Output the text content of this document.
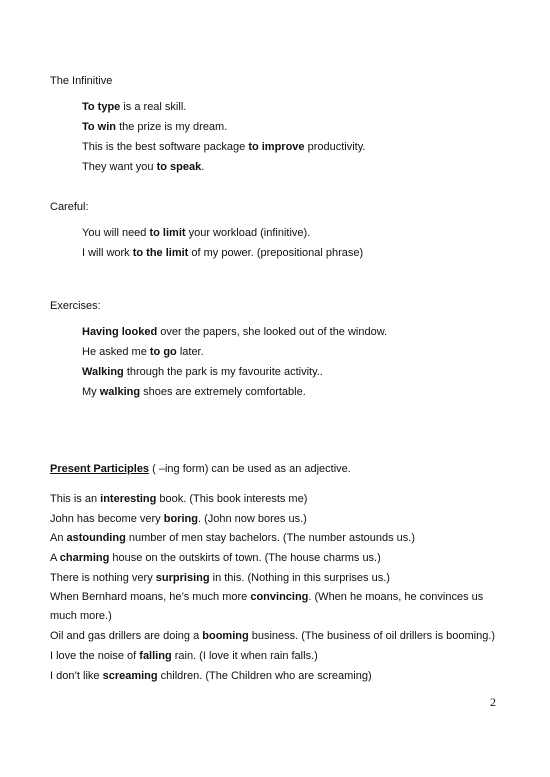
The Infinitive
To type is a real skill.
To win the prize is my dream.
This is the best software package to improve productivity.
They want you to speak.
Careful:
You will need to limit your workload (infinitive).
I will work to the limit of my power. (prepositional phrase)
Exercises:
Having looked over the papers, she looked out of the window.
He asked me to go later.
Walking through the park is my favourite activity..
My walking shoes are extremely comfortable.
Present Participles ( –ing form) can be used as an adjective.
This is an interesting book. (This book interests me)
John has become very boring. (John now bores us.)
An astounding number of men stay bachelors. (The number astounds us.)
A charming house on the outskirts of town. (The house charms us.)
There is nothing very surprising in this. (Nothing in this surprises us.)
When Bernhard moans, he’s much more convincing. (When he moans, he convinces us
much more.)
Oil and gas drillers are doing a booming business. (The business of oil drillers is booming.)
I love the noise of falling rain. (I love it when rain falls.)
I don’t like screaming children. (The Children who are screaming)
2
